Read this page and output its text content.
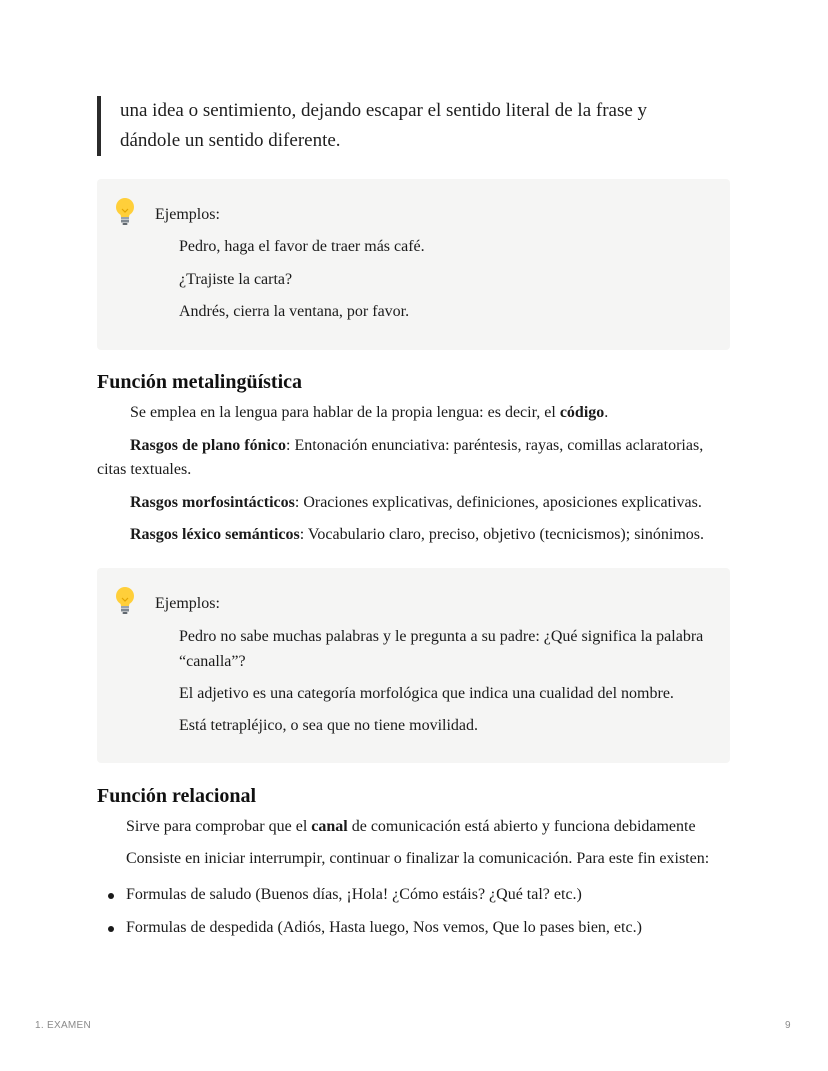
una idea o sentimiento, dejando escapar el sentido literal de la frase y

dándole un sentido diferente.

Ejemplos:

Pedro, haga el favor de traer más café.

¿Trajiste la carta?

Andrés, cierra la ventana, por favor.

Función metalingüística

Se emplea en la lengua para hablar de la propia lengua: es decir, el código.

Rasgos de plano fónico: Entonación enunciativa: paréntesis, rayas, comillas aclaratorias,

citas textuales.

Rasgos morfosintácticos: Oraciones explicativas, definiciones, aposiciones explicativas.

Rasgos léxico semánticos: Vocabulario claro, preciso, objetivo (tecnicismos); sinónimos.

Ejemplos:

Pedro no sabe muchas palabras y le pregunta a su padre: ¿Qué significa la palabra

“canalla”?

El adjetivo es una categoría morfológica que indica una cualidad del nombre.

Está tetrapléjico, o sea que no tiene movilidad.

Función relacional

Sirve para comprobar que el canal de comunicación está abierto y funciona debidamente

Consiste en iniciar interrumpir, continuar o finalizar la comunicación. Para este fin existen:

Formulas de saludo (Buenos días, ¡Hola! ¿Cómo estáis? ¿Qué tal? etc.)
Formulas de despedida (Adiós, Hasta luego, Nos vemos, Que lo pases bien, etc.)
1. EXAMEN	9
